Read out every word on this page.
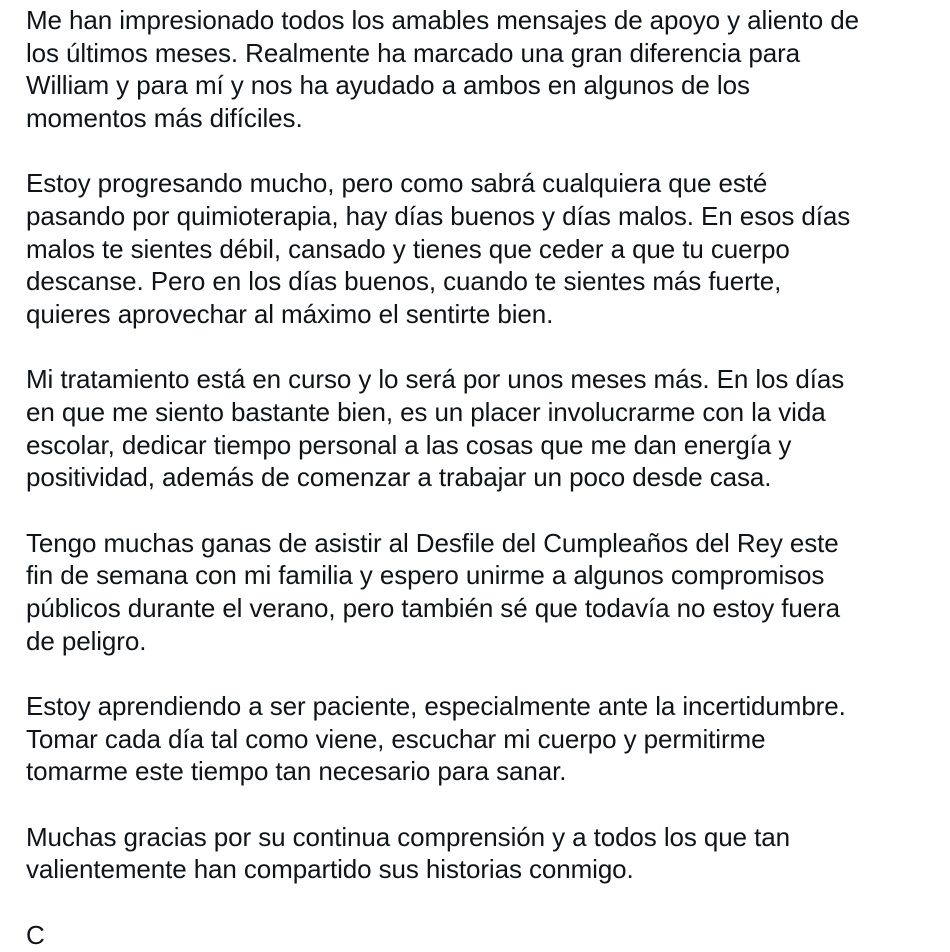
Me han impresionado todos los amables mensajes de apoyo y aliento de
los últimos meses. Realmente ha marcado una gran diferencia para
William y para mí y nos ha ayudado a ambos en algunos de los
momentos más difíciles.
Estoy progresando mucho, pero como sabrá cualquiera que esté
pasando por quimioterapia, hay días buenos y días malos. En esos días
malos te sientes débil, cansado y tienes que ceder a que tu cuerpo
descanse. Pero en los días buenos, cuando te sientes más fuerte,
quieres aprovechar al máximo el sentirte bien.
Mi tratamiento está en curso y lo será por unos meses más. En los días
en que me siento bastante bien, es un placer involucrarme con la vida
escolar, dedicar tiempo personal a las cosas que me dan energía y
positividad, además de comenzar a trabajar un poco desde casa.
Tengo muchas ganas de asistir al Desfile del Cumpleaños del Rey este
fin de semana con mi familia y espero unirme a algunos compromisos
públicos durante el verano, pero también sé que todavía no estoy fuera
de peligro.
Estoy aprendiendo a ser paciente, especialmente ante la incertidumbre.
Tomar cada día tal como viene, escuchar mi cuerpo y permitirme
tomarme este tiempo tan necesario para sanar.
Muchas gracias por su continua comprensión y a todos los que tan
valientemente han compartido sus historias conmigo.

C
